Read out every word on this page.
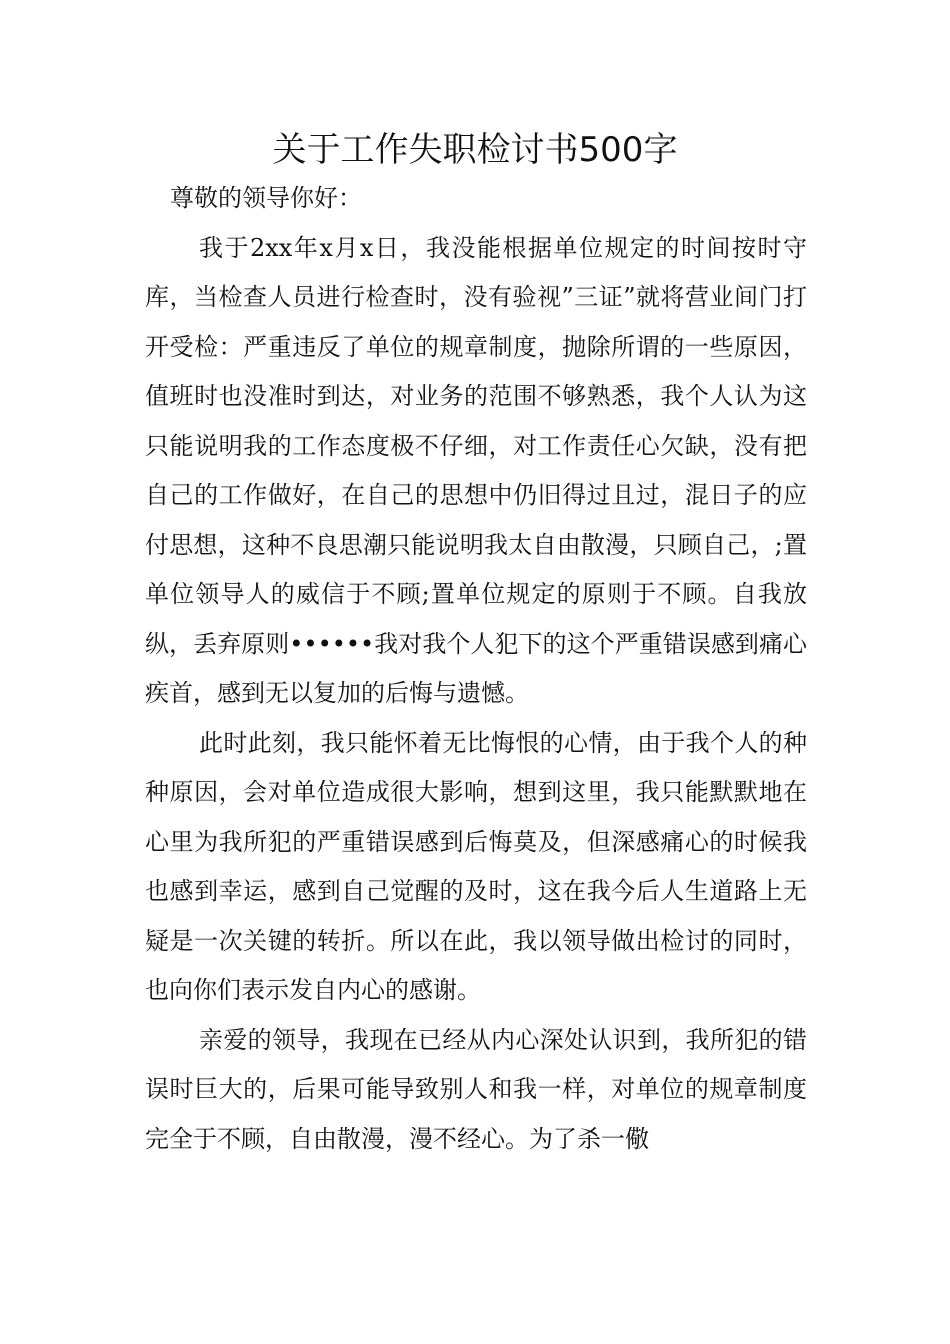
关于工作失职检讨书500字

尊敬的领导你好：

我于2xx年x月x日，我没能根据单位规定的时间按时守库，当检查人员进行检查时，没有验视”三证”就将营业间门打开受检：严重违反了单位的规章制度，抛除所谓的一些原因，值班时也没准时到达，对业务的范围不够熟悉，我个人认为这只能说明我的工作态度极不仔细，对工作责任心欠缺，没有把自己的工作做好，在自己的思想中仍旧得过且过，混日子的应付思想，这种不良思潮只能说明我太自由散漫，只顾自己，;置单位领导人的威信于不顾;置单位规定的原则于不顾。自我放纵，丢弃原则••••••我对我个人犯下的这个严重错误感到痛心疾首，感到无以复加的后悔与遗憾。

此时此刻，我只能怀着无比悔恨的心情，由于我个人的种种原因，会对单位造成很大影响，想到这里，我只能默默地在心里为我所犯的严重错误感到后悔莫及，但深感痛心的时候我也感到幸运，感到自己觉醒的及时，这在我今后人生道路上无疑是一次关键的转折。所以在此，我以领导做出检讨的同时，也向你们表示发自内心的感谢。

亲爱的领导，我现在已经从内心深处认识到，我所犯的错误时巨大的，后果可能导致别人和我一样，对单位的规章制度完全于不顾，自由散漫，漫不经心。为了杀一儆
